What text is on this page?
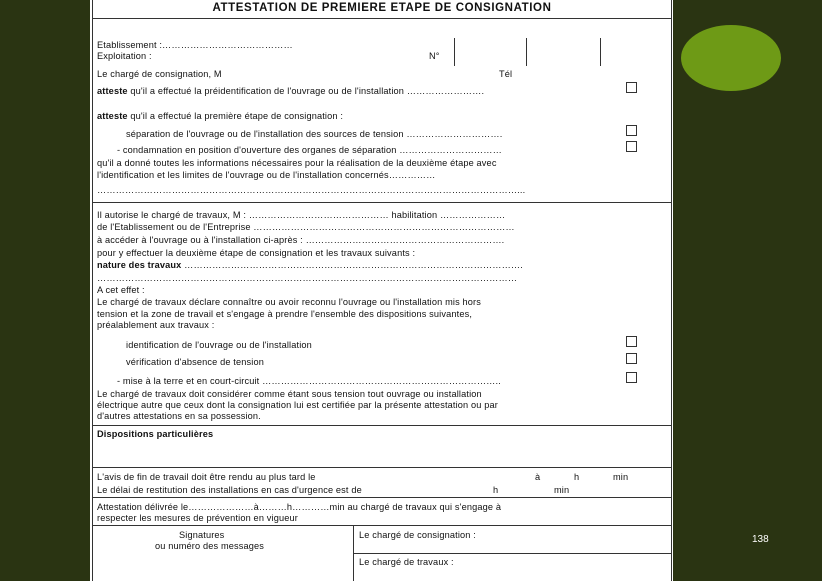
138
ATTESTATION DE PREMIERE ETAPE DE CONSIGNATION
Etablissement :……………………………………
Exploitation :	N°
Le chargé de consignation, M	Tél
atteste qu'il a effectué la préidentification de l'ouvrage ou de l'installation …………………….
atteste qu'il a effectué la première étape de consignation :
séparation de l'ouvrage ou de l'installation des sources de tension ………………………….
- condamnation en position d'ouverture des organes de séparation ……………………………
qu'il a donné toutes les informations nécessaires pour la réalisation de la deuxième étape avec
l'identification et les limites de l'ouvrage ou de l'installation concernés……………
………………………………………………………………………………………………………………………...
Il autorise le chargé de travaux, M : ……………………………………… habilitation …………………
de l'Etablissement ou de l'Entreprise …………………………………………………………………………
à accéder à l'ouvrage ou à l'installation ci-après : ……………………………………………………….
pour y effectuer la deuxième étape de consignation et les travaux suivants :
nature des travaux ……………………………………………………………………………………………….
………………………………………………………………………………………………………………………
A cet effet :
Le chargé de travaux déclare connaître ou avoir reconnu l'ouvrage ou l'installation mis hors
tension et la zone de travail et s'engage à prendre l'ensemble des dispositions suivantes,
préalablement aux travaux :
identification de l'ouvrage ou de l'installation
vérification d'absence de tension
- mise à la terre et en court-circuit …………………………………………………………………..
Le chargé de travaux doit considérer comme étant sous tension tout ouvrage ou installation
électrique autre que ceux dont la consignation lui est certifiée par la présente attestation ou par
d'autres attestations en sa possession.
Dispositions particulières
L'avis de fin de travail doit être rendu au plus tard le	à	h	min
Le délai de restitution des installations en cas d'urgence est de	h	min
Attestation délivrée le…………………à………h…………min au chargé de travaux qui s'engage à
respecter les mesures de prévention en vigueur
Signatures
ou numéro des messages
Le chargé de consignation :
Le chargé de travaux :
